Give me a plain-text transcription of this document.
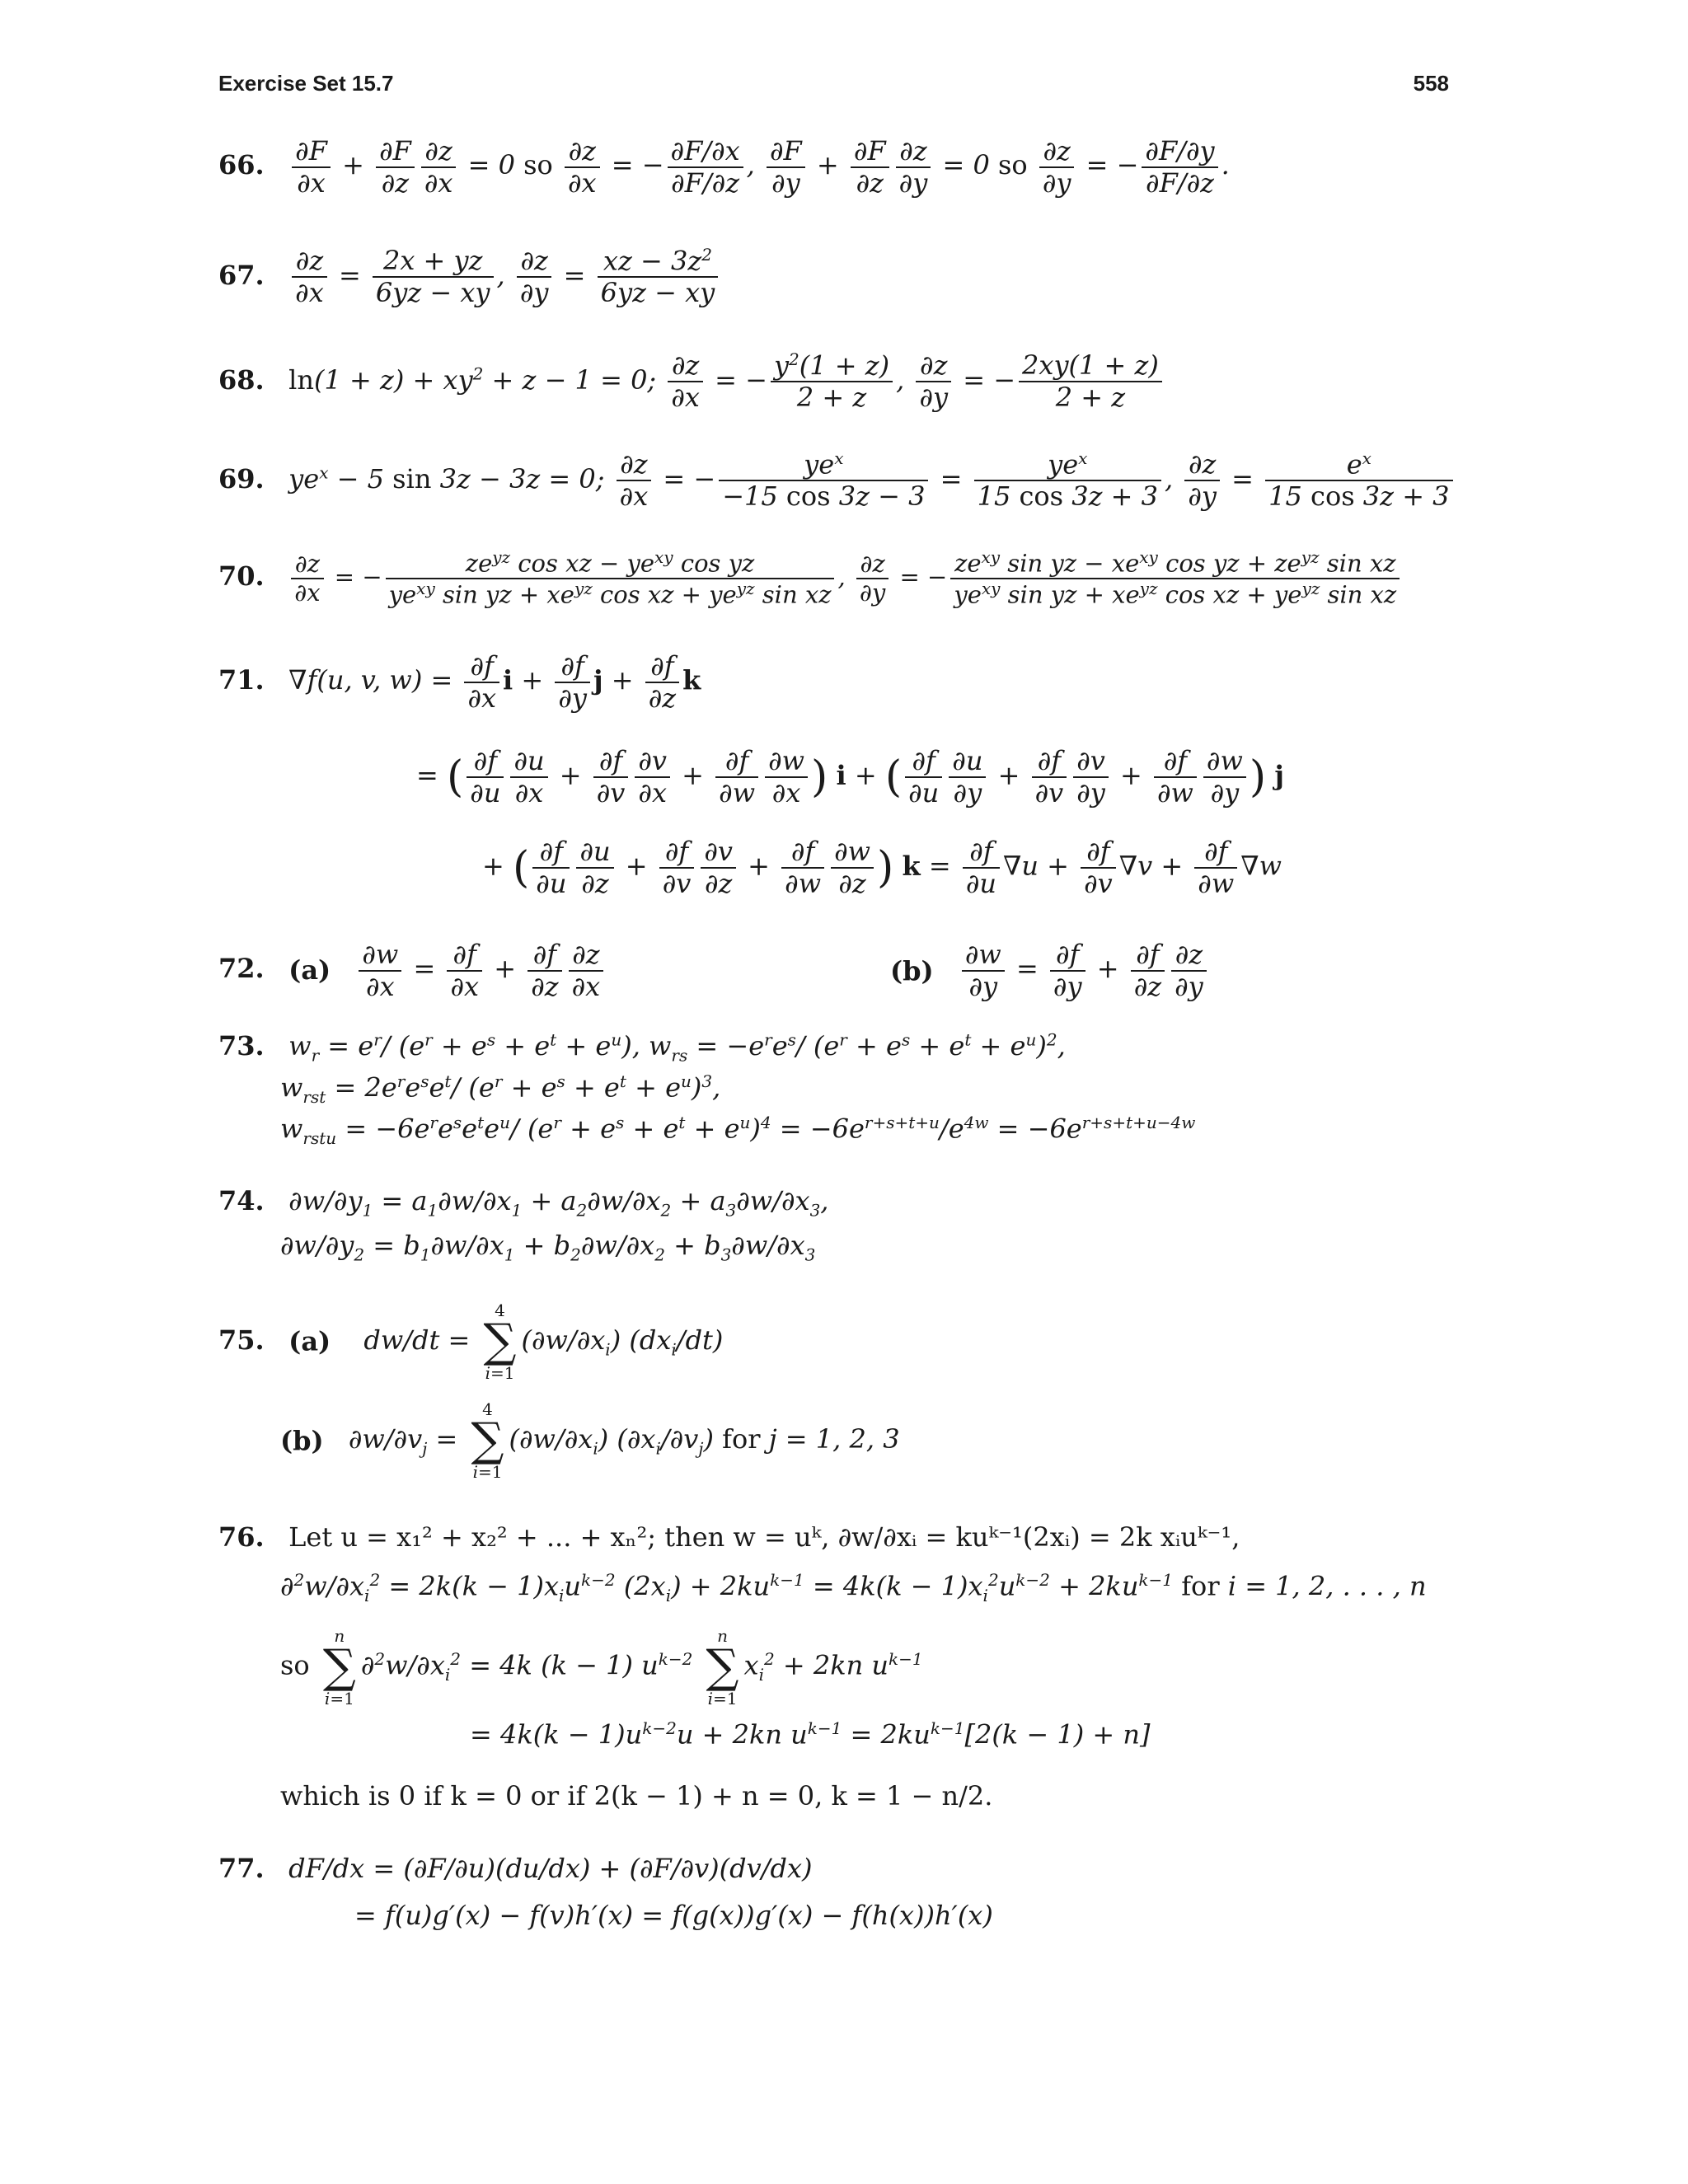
Exercise Set 15.7	558
66. $\frac{\partial F}{\partial x} + \frac{\partial F}{\partial z} \frac{\partial z}{\partial x} = 0$ so $\frac{\partial z}{\partial x}$ = − $\frac{\partial F/\partial x}{\partial F/\partial z}$ , $\frac{\partial F}{\partial y} + \frac{\partial F}{\partial z} \frac{\partial z}{\partial y} = 0$ so $\frac{\partial z}{\partial y}$ = − $\frac{\partial F/\partial y}{\partial F/\partial z}$ .
67. $\frac{\partial z}{\partial x} = \frac{2x + yz}{6yz - xy}$ , $\frac{\partial z}{\partial y} = \frac{xz - 3z^2}{6yz - xy}$
68. $\ln(1 + z) + xy^2 + z - 1 = 0$; $\frac{\partial z}{\partial x}$ = − $\frac{y^2(1 + z)}{2 + z}$ , $\frac{\partial z}{\partial y}$ = − $\frac{2xy(1 + z)}{2 + z}$
69. $ye^x - 5$ sin 3z − 3z = 0; $\frac{\partial z}{\partial x}$ = − $\frac{ye^x}{-15 \cos 3z - 3} = \frac{ye^x}{15 \cos 3z + 3}$ , $\frac{\partial z}{\partial y} = \frac{e^x}{15 \cos 3z + 3}$
70. $\frac{\partial z}{\partial x}$ = − $\frac{ze^{yz} \cos xz - ye^{xy} \cos yz}{ye^{xy} \sin yz + xe^{yz} \cos xz + ye^{yz} \sin xz}$ , $\frac{\partial z}{\partial y}$ = − $\frac{ze^{xy} \sin yz - xe^{xy} \cos yz + ze^{yz} \sin xz}{ye^{xy} \sin yz + xe^{yz} \cos xz + ye^{yz} \sin xz}$
71. ∇f(u, v, $w) = \frac{\partial f}{\partial x}$ $i + \frac{\partial f}{\partial y}$ $j + \frac{\partial f}{\partial z}$ k
= ( $\frac{\partial f}{\partial u} \frac{\partial u}{\partial x} + \frac{\partial f}{\partial v} \frac{\partial v}{\partial x} + \frac{\partial f}{\partial w} \frac{\partial w}{\partial x}$ ) i + ( $\frac{\partial f}{\partial u} \frac{\partial u}{\partial y} + \frac{\partial f}{\partial v} \frac{\partial v}{\partial y} + \frac{\partial f}{\partial w} \frac{\partial w}{\partial y}$ ) j
+ ( $\frac{\partial f}{\partial u} \frac{\partial u}{\partial z} + \frac{\partial f}{\partial v} \frac{\partial v}{\partial z} + \frac{\partial f}{\partial w} \frac{\partial w}{\partial z}$ ) $k = \frac{\partial f}{\partial u} \nabla u + \frac{\partial f}{\partial v} \nabla v + \frac{\partial f}{\partial w} \nabla w$
72. $(a) \frac{\partial w}{\partial x} = \frac{\partial f}{\partial x} + \frac{\partial f}{\partial z} \frac{\partial z}{\partial x}$	$(b) \frac{\partial w}{\partial y} = \frac{\partial f}{\partial y} + \frac{\partial f}{\partial z} \frac{\partial z}{\partial y}$
73. $w_r = e^r/$ $(e^r + e^s + e^t + e^u)$, $w_{rs} = -e^re^s/$ $(e^r + e^s + e^t + e^u)^2$,
$w_{rst} = 2e^re^se^t/$ $(e^r + e^s + e^t + e^u)^3$,
$w_{rstu} = -6e^re^se^te^u/$ $(e^r + e^s + e^t + e^u)^4 = -6e^{r+s+t+u}/e^{4w} = -6e^{r+s+t+u-4w}$
74. $\partial w/\partial y_1 = a_1\partial w/\partial x_1 + a_2\partial w/\partial x_2 + a_3\partial w/\partial x_3$,
$\partial w/\partial y_2 = b_1\partial w/\partial x_1 + b_2\partial w/\partial x_2 + b_3\partial w/\partial x_3$
75. (a) dw/dt =
4
∑
i=1
$(\partial w/\partial x_i)$ $(dx_i/dt)$
(b) $\partial w/\partial v_j$ =
4
∑
i=1
$(\partial w/\partial x_i)$ $(\partial x_i/\partial v_j)$ for j = 1, 2, 3
76. Let u = x₁² + x₂² + ... + xₙ²; then w = uᵏ, ∂w/∂xᵢ = kuᵏ⁻¹(2xᵢ) = 2k xᵢuᵏ⁻¹,
$\partial^2w/\partial x_i^2 = 2k(k - 1)x_iu^{k-2}$ $(2x_i) + 2ku^{k-1} = 4k(k - 1)x_i^2u^{k-2} + 2ku^{k-1}$ for i = 1, 2, . . . , n
so
n
∑
i=1
$\partial^2w/\partial x_i^2 = 4k$ (k − 1) $u^{k-2}$
n
∑
i=1
$x_i^2 + 2kn$ $u^{k-1}$
= $4k(k - 1)u^{k-2}u + 2kn$ $u^{k-1} = 2ku^{k-1}[2(k - 1) + n]$
which is 0 if k = 0 or if 2(k − 1) + n = 0, k = 1 − n/2.
77. dF/dx = (∂F/∂u)(du/dx) + (∂F/∂v)(dv/dx)
= f(u)g′(x) − f(v)h′(x) = f(g(x))g′(x) − f(h(x))h′(x)
